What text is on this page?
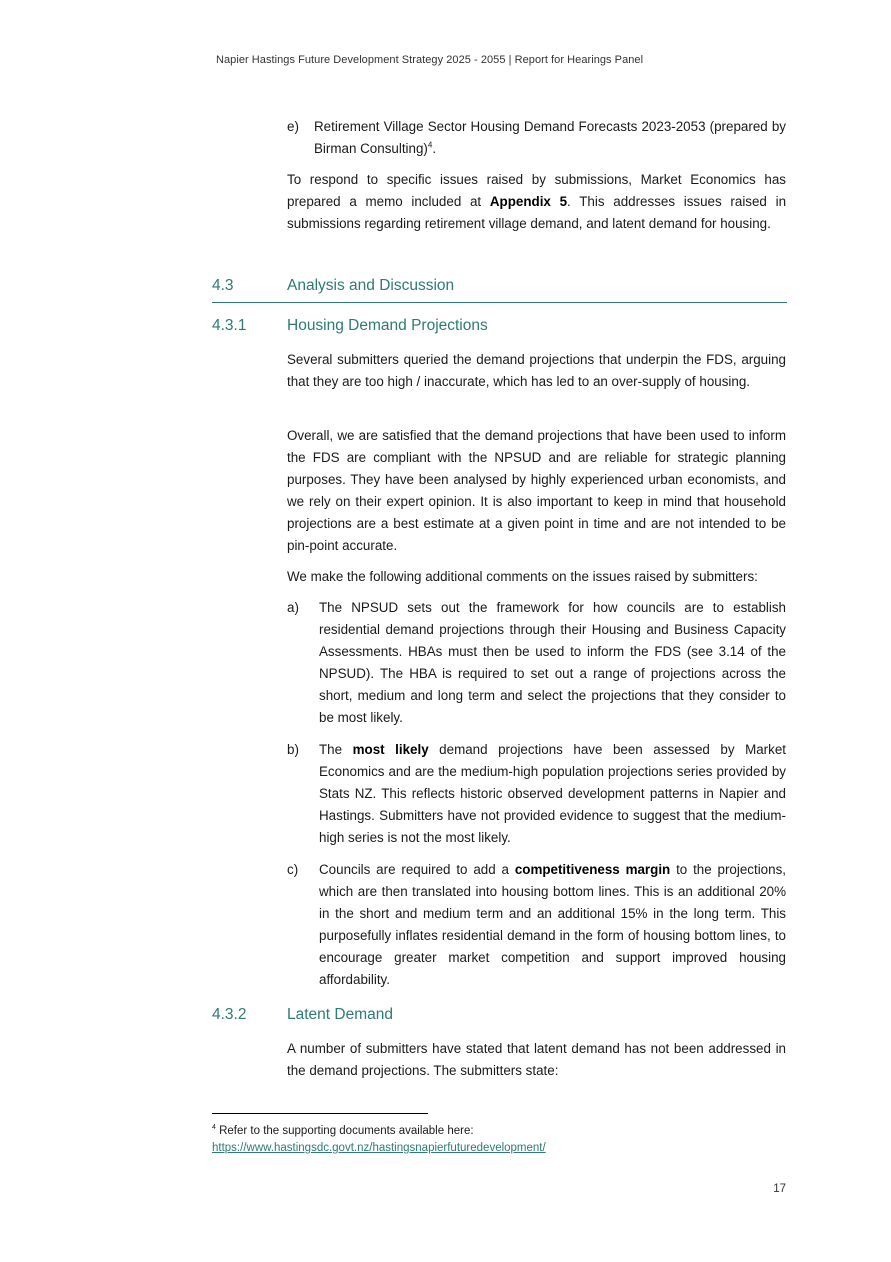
Napier Hastings Future Development Strategy 2025 - 2055 | Report for Hearings Panel
e)	Retirement Village Sector Housing Demand Forecasts 2023-2053 (prepared by Birman Consulting)$^4$.
To respond to specific issues raised by submissions, Market Economics has prepared a memo included at Appendix 5. This addresses issues raised in submissions regarding retirement village demand, and latent demand for housing.
4.3	Analysis and Discussion
4.3.1	Housing Demand Projections
Several submitters queried the demand projections that underpin the FDS, arguing that they are too high / inaccurate, which has led to an over-supply of housing.
Overall, we are satisfied that the demand projections that have been used to inform the FDS are compliant with the NPSUD and are reliable for strategic planning purposes. They have been analysed by highly experienced urban economists, and we rely on their expert opinion. It is also important to keep in mind that household projections are a best estimate at a given point in time and are not intended to be pin-point accurate.
We make the following additional comments on the issues raised by submitters:
a)	The NPSUD sets out the framework for how councils are to establish residential demand projections through their Housing and Business Capacity Assessments. HBAs must then be used to inform the FDS (see 3.14 of the NPSUD). The HBA is required to set out a range of projections across the short, medium and long term and select the projections that they consider to be most likely.
b)	The most likely demand projections have been assessed by Market Economics and are the medium-high population projections series provided by Stats NZ. This reflects historic observed development patterns in Napier and Hastings. Submitters have not provided evidence to suggest that the medium-high series is not the most likely.
c)	Councils are required to add a competitiveness margin to the projections, which are then translated into housing bottom lines. This is an additional 20% in the short and medium term and an additional 15% in the long term. This purposefully inflates residential demand in the form of housing bottom lines, to encourage greater market competition and support improved housing affordability.
4.3.2	Latent Demand
A number of submitters have stated that latent demand has not been addressed in the demand projections. The submitters state:
$^4$ Refer to the supporting documents available here:
https://www.hastingsdc.govt.nz/hastingsnapierfuturedevelopment/
17
